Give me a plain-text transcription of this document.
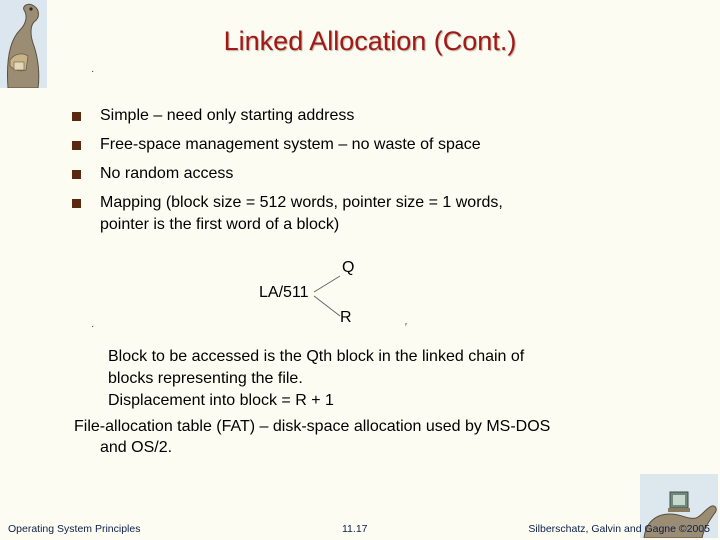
Linked Allocation (Cont.)
·
Simple – need only starting address
Free-space management system – no waste of space
No random access
Mapping (block size = 512 words, pointer size = 1 words,
pointer is the first word of a block)
Q
LA/511
R
·	′
Block to be accessed is the Qth block in the linked chain of
blocks representing the file.
Displacement into block = R + 1
File-allocation table (FAT) – disk-space allocation used by MS-DOS
and OS/2.
Operating System Principles	11.17	Silberschatz, Galvin and Gagne ©2005
